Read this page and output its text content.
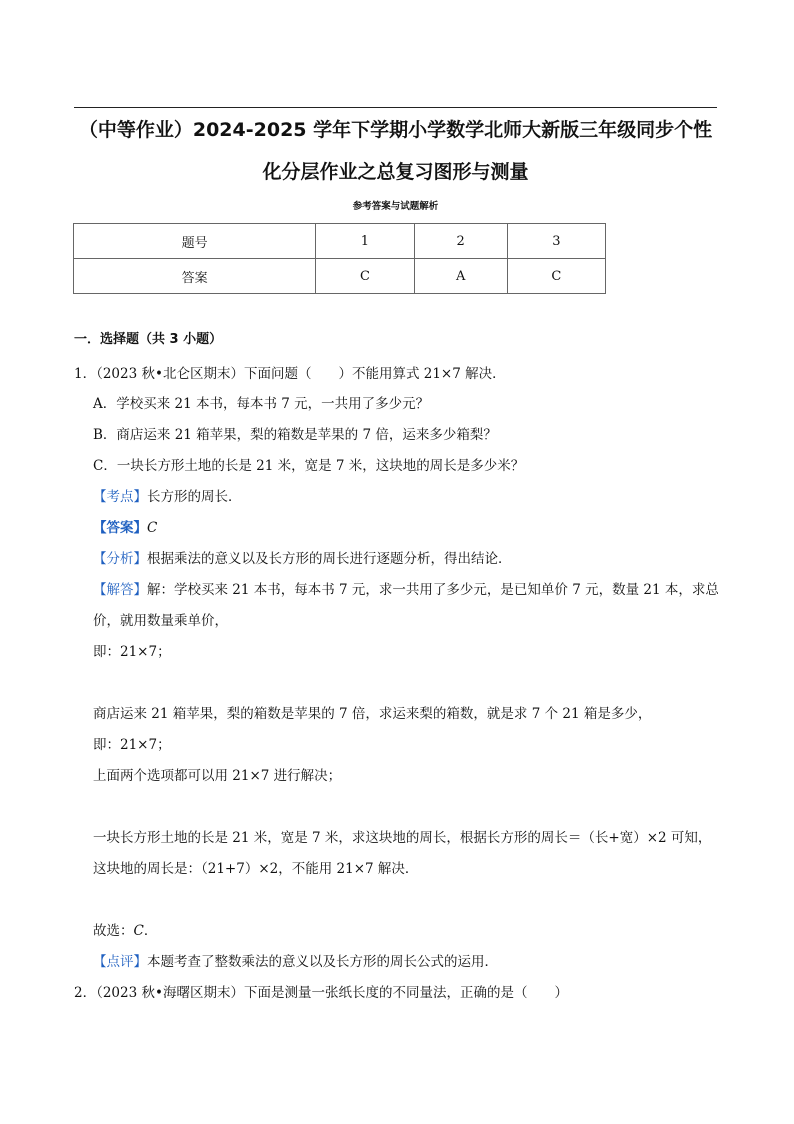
（中等作业）2024-2025 学年下学期小学数学北师大新版三年级同步个性
化分层作业之总复习图形与测量
参考答案与试题解析
题号	1	2	3
答案	C	A	C
一．选择题（共 3 小题）
1．（2023 秋•北仑区期末）下面问题（　　）不能用算式 21×7 解决．
A．学校买来 21 本书，每本书 7 元，一共用了多少元？
B．商店运来 21 箱苹果，梨的箱数是苹果的 7 倍，运来多少箱梨？
C．一块长方形土地的长是 21 米，宽是 7 米，这块地的周长是多少米？
【考点】长方形的周长．
【答案】C
【分析】根据乘法的意义以及长方形的周长进行逐题分析，得出结论．
【解答】解：学校买来 21 本书，每本书 7 元，求一共用了多少元，是已知单价 7 元，数量 21 本，求总
价，就用数量乘单价，
即：21×7；
商店运来 21 箱苹果，梨的箱数是苹果的 7 倍，求运来梨的箱数，就是求 7 个 21 箱是多少，
即：21×7；
上面两个选项都可以用 21×7 进行解决；
一块长方形土地的长是 21 米，宽是 7 米，求这块地的周长，根据长方形的周长＝（长+宽）×2 可知，
这块地的周长是：（21+7）×2，不能用 21×7 解决．
故选：C．
【点评】本题考查了整数乘法的意义以及长方形的周长公式的运用．
2．（2023 秋•海曙区期末）下面是测量一张纸长度的不同量法，正确的是（　　）
